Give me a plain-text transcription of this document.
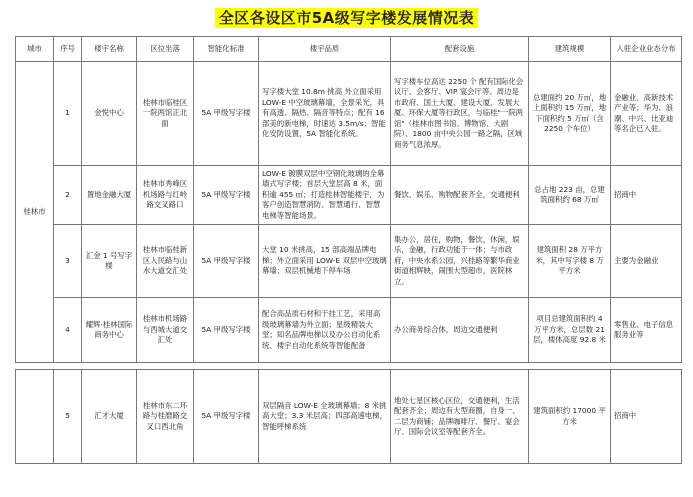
全区各设区市5A级写字楼发展情况表
城市	序号	楼宇名称	区位坐落	智能化标准	楼宇品质	配套设施	建筑规模	入驻企业业态分布
桂林市	1	金悦中心	桂林市临桂区一院两馆正北面	5A 甲级写字楼	写字楼大堂 10.8m 挑高 外立面采用 LOW-E 中空玻璃幕墙，全景采光，具有高透、隔热、隔音等特点；配有 16 部美的新电梯，时速达 3.5m/s；智能化安防设置，5A 智能化系统。	写字楼车位高达 2250 个 配有国际化会议厅、会客厅、VIP 宴会厅等。周边是市政府、国土大厦、建设大厦、发展大厦、环保大厦等行政区，与临桂"一院两馆"（桂林市图书馆、博物馆、大剧院）、1800 亩中央公园一路之隔，区域商务气息浓厚。	总建面约 20 万㎡，地上面积约 15 万㎡，地下面积约 5 万㎡（含 2250 个车位）	金融业、高新技术产业等；华为、浪潮、中兴、比亚迪等名企已入驻。
	2	置地金融大厦	桂林市秀峰区机场路与红岭路交叉路口	5A 甲级写字楼	LOW-E 镀膜双层中空钢化玻璃的全幕墙式写字楼；首层大堂层高 8 米，面积逾 455 ㎡；打造桂林智能楼宇，为客户创造智慧消防、智慧通行、智慧电梯等智能场景。	餐饮、娱乐、购物配套齐全，交通便利	总占地 223 亩，总建筑面积约 68 万㎡	招商中
	3	汇金 1 号写字楼	桂林市临桂新区人民路与山水大道交汇处	5A 甲级写字楼	大堂 10 米挑高，15 部高端品牌电梯；外立面采用 LOW-E 双层中空玻璃幕墙；双层机械地下停车场	集办公，居住，购物，餐饮，休闲，娱乐，金融，行政功能于一体；与市政府，中央水系公园，兴桂路等繁华商业街道相辉映，闹围大型超市，医院林立。	建筑面积 28 万平方米，其中写字楼 8 万平方米	主要为金融业
	4	耀辉·桂林国际商务中心	桂林市机场路与西城大道交汇处	5A 甲级写字楼	配合高品质石材和干挂工艺，采用高级玻璃幕墙为外立面；星级精装大堂；知名品牌电梯以及办公自动化系统、楼宇自动化系统等智能配备	办公商务综合体，周边交通便利	项目总建筑面积约 4 万平方米，总层数 21 层，楼体高度 92.8 米	零售业、电子信息服务业等

	5	汇才大厦	桂林市东二环路与桂磨路交叉口西北角	5A 甲级写字楼	双层隔音 LOW-E 全玻璃幕墙；8 米挑高大堂；3.3 米层高；四部高速电梯，智能呼梯系统	地处七星区核心区位，交通便利，生活配套齐全；周边有大型商圈，自身一、二层为商铺；品牌咖啡厅、餐厅、宴会厅、国际会议室等配套齐全。	建筑面积约 17000 平方米	招商中
